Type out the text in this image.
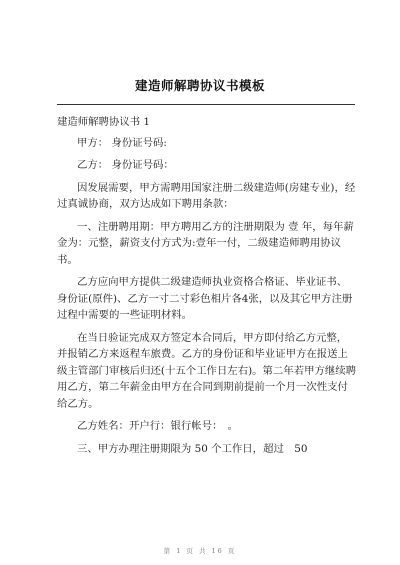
建造师解聘协议书模板

建造师解聘协议书 1

甲方： 身份证号码:

乙方： 身份证号码：

因发展需要，甲方需聘用国家注册二级建造师(房建专业)，经过真诚协商，双方达成如下聘用条款：

一、注册聘用期：甲方聘用乙方的注册期限为 壹 年，每年薪金为：元整，薪资支付方式为:壹年一付，二级建造师聘用协议书。

乙方应向甲方提供二级建造师执业资格合格证、毕业证书、身份证(原件)、乙方一寸二寸彩色相片各4张，以及其它甲方注册过程中需要的一些证明材料。

在当日验证完成双方签定本合同后，甲方即付给乙方元整，并报销乙方来返程车旅费。乙方的身份证和毕业证甲方在报送上级主管部门审核后归还(十五个工作日左右)。第二年若甲方继续聘用乙方，第二年薪金由甲方在合同到期前提前一个月一次性支付给乙方。

乙方姓名：开户行：银行帐号：　。

三、甲方办理注册期限为 50 个工作日，超过　50

第 1 页 共 16 页
